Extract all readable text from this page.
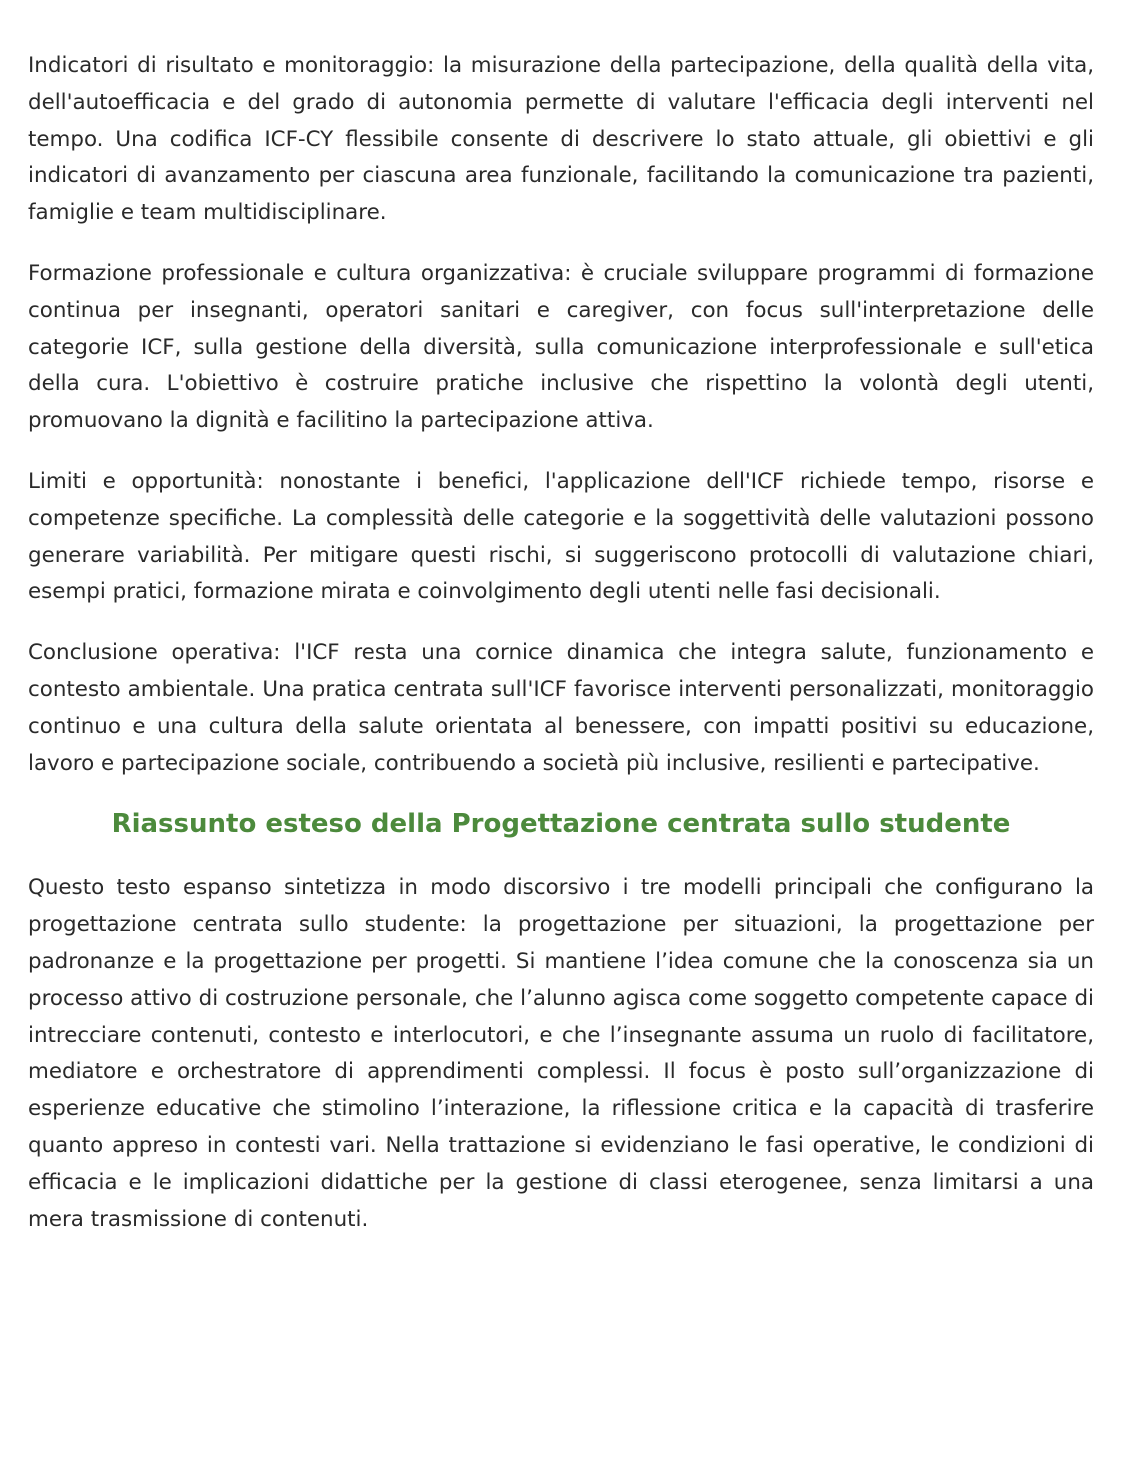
Indicatori di risultato e monitoraggio: la misurazione della partecipazione, della qualità della vita, dell'autoefficacia e del grado di autonomia permette di valutare l'efficacia degli interventi nel tempo. Una codifica ICF-CY flessibile consente di descrivere lo stato attuale, gli obiettivi e gli indicatori di avanzamento per ciascuna area funzionale, facilitando la comunicazione tra pazienti, famiglie e team multidisciplinare.

Formazione professionale e cultura organizzativa: è cruciale sviluppare programmi di formazione continua per insegnanti, operatori sanitari e caregiver, con focus sull'interpretazione delle categorie ICF, sulla gestione della diversità, sulla comunicazione interprofessionale e sull'etica della cura. L'obiettivo è costruire pratiche inclusive che rispettino la volontà degli utenti, promuovano la dignità e facilitino la partecipazione attiva.

Limiti e opportunità: nonostante i benefici, l'applicazione dell'ICF richiede tempo, risorse e competenze specifiche. La complessità delle categorie e la soggettività delle valutazioni possono generare variabilità. Per mitigare questi rischi, si suggeriscono protocolli di valutazione chiari, esempi pratici, formazione mirata e coinvolgimento degli utenti nelle fasi decisionali.

Conclusione operativa: l'ICF resta una cornice dinamica che integra salute, funzionamento e contesto ambientale. Una pratica centrata sull'ICF favorisce interventi personalizzati, monitoraggio continuo e una cultura della salute orientata al benessere, con impatti positivi su educazione, lavoro e partecipazione sociale, contribuendo a società più inclusive, resilienti e partecipative.

Riassunto esteso della Progettazione centrata sullo studente

Questo testo espanso sintetizza in modo discorsivo i tre modelli principali che configurano la progettazione centrata sullo studente: la progettazione per situazioni, la progettazione per padronanze e la progettazione per progetti. Si mantiene l’idea comune che la conoscenza sia un processo attivo di costruzione personale, che l’alunno agisca come soggetto competente capace di intrecciare contenuti, contesto e interlocutori, e che l’insegnante assuma un ruolo di facilitatore, mediatore e orchestratore di apprendimenti complessi. Il focus è posto sull’organizzazione di esperienze educative che stimolino l’interazione, la riflessione critica e la capacità di trasferire quanto appreso in contesti vari. Nella trattazione si evidenziano le fasi operative, le condizioni di efficacia e le implicazioni didattiche per la gestione di classi eterogenee, senza limitarsi a una mera trasmissione di contenuti.
